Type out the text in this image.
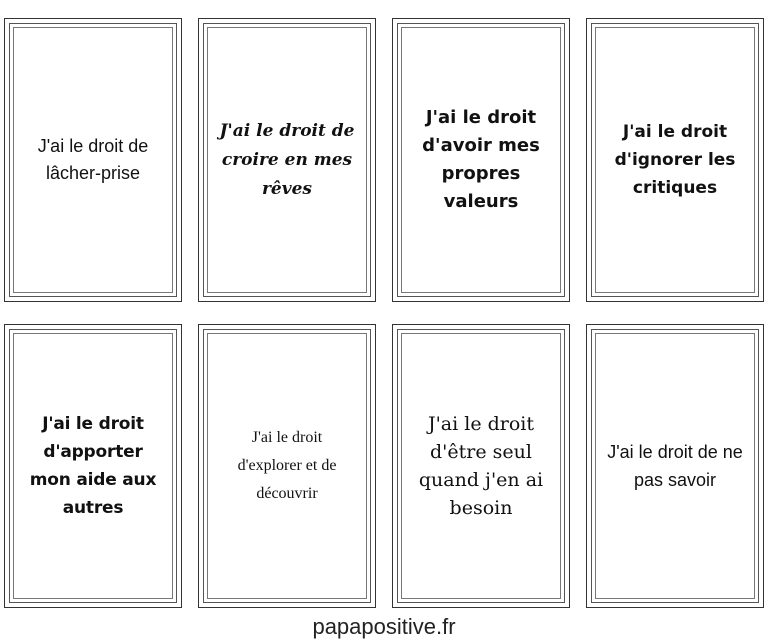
J'ai le droit de
lâcher-prise
J'ai le droit de
croire en mes
rêves
J'ai le droit
d'avoir mes
propres
valeurs
J'ai le droit
d'ignorer les
critiques
J'ai le droit
d'apporter
mon aide aux
autres
J'ai le droit
d'explorer et de
découvrir
J'ai le droit
d'être seul
quand j'en ai
besoin
J'ai le droit de ne
pas savoir
papapositive.fr
